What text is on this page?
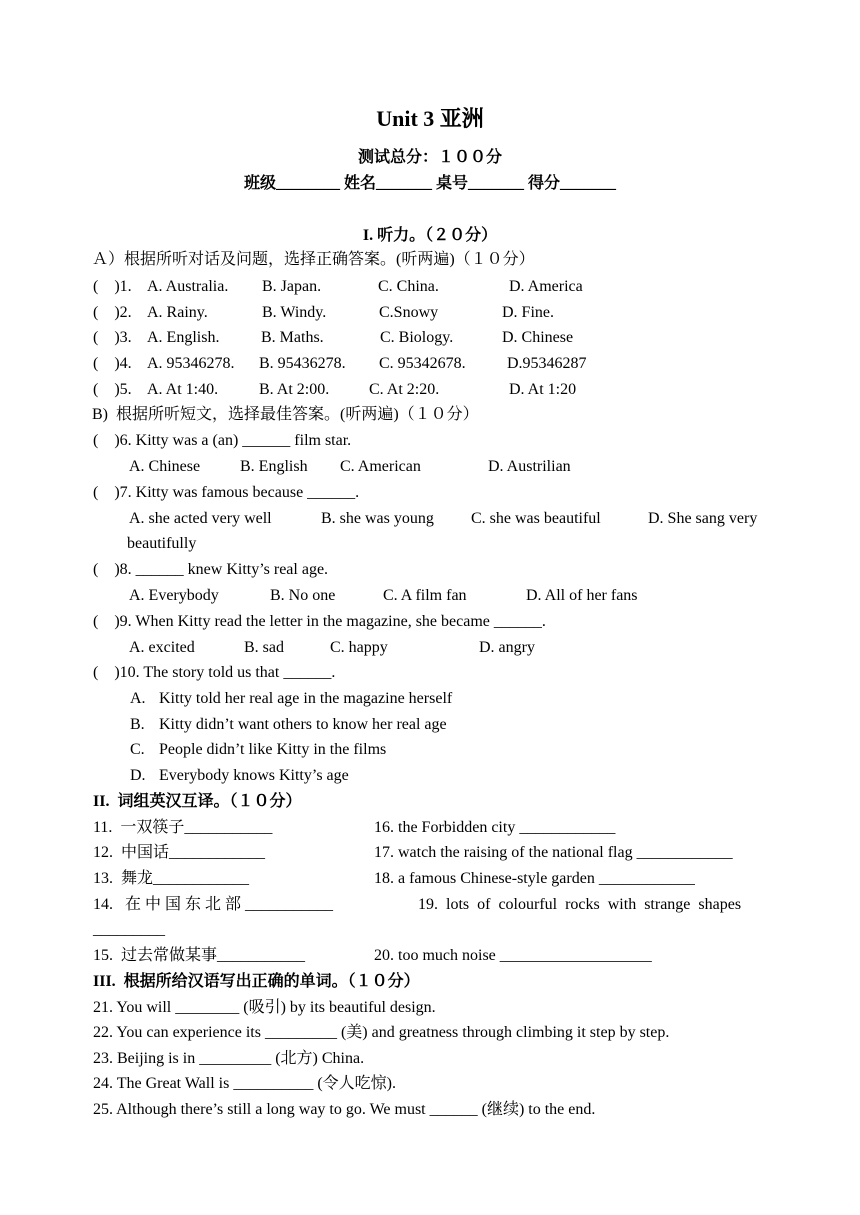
Unit 3 亚洲
测试总分：１００分
班级________ 姓名_______ 桌号_______ 得分_______
I. 听力。（２０分）
Ａ）根据所听对话及问题，选择正确答案。(听两遍)（１０分）
(    )1. A. Australia. B. Japan.	C. China.	D. America
(    )2. A. Rainy.	B. Windy.	C.Snowy	D. Fine.
(    )3. A. English.	B. Maths.	C. Biology.	D. Chinese
(    )4. A. 95346278. B. 95436278. C. 95342678.	D.95346287
(    )5. A. At 1:40.	B. At 2:00. C. At 2:20.	D. At 1:20
B)  根据所听短文，选择最佳答案。(听两遍)（１０分）
(    )6. Kitty was a (an) ______ film star.
A. Chinese B. English C. American	D. Austrilian
(    )7. Kitty was famous because ______.
A. she acted very well	B. she was young C. she was beautiful	D. She sang very
beautifully
(    )8. ______ knew Kitty’s real age.
A. Everybody	B. No one	C. A film fan	D. All of her fans
(    )9. When Kitty read the letter in the magazine, she became ______.
A. excited	B. sad	C. happy	D. angry
(    )10. The story told us that ______.
A. Kitty told her real age in the magazine herself
B. Kitty didn’t want others to know her real age
C. People didn’t like Kitty in the films
D. Everybody knows Kitty’s age
II.  词组英汉互译。（１０分）
11.  一双筷子___________	16. the Forbidden city ____________
12.  中国话____________	17. watch the raising of the national flag ____________
13.  舞龙____________	18. a famous Chinese-style garden ____________
14.   在 中 国 东 北 部 ___________	19.  lots  of  colourful  rocks  with  strange  shapes
_________
15.  过去常做某事___________	20. too much noise ___________________
III.  根据所给汉语写出正确的单词。（１０分）
21. You will ________ (吸引) by its beautiful design.
22. You can experience its _________ (美) and greatness through climbing it step by step.
23. Beijing is in _________ (北方) China.
24. The Great Wall is __________ (令人吃惊).
25. Although there’s still a long way to go. We must ______ (继续) to the end.
